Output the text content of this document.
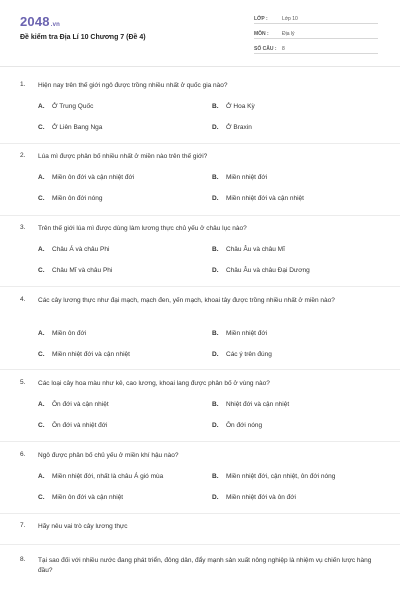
2048.vn
Đề kiểm tra Địa Lí 10 Chương 7 (Đề 4)
LỚP :	Lớp 10
MÔN :	Địa lý
SỐ CÂU : 8
1. Hiện nay trên thế giới ngô được trồng nhiều nhất ở quốc gia nào?
A. Ở Trung Quốc	B. Ở Hoa Kỳ
C. Ở Liên Bang Nga	D. Ở Braxin
2. Lúa mì được phân bố nhiều nhất ở miền nào trên thế giới?
A. Miền ôn đới và cận nhiệt đới	B. Miền nhiệt đới
C. Miền ôn đới nóng	D. Miền nhiệt đới và cận nhiệt
3. Trên thế giới lúa mì được dùng làm lương thực chủ yếu ở châu lục nào?
A. Châu Á và châu Phi	B. Châu Âu và châu Mĩ
C. Châu Mĩ và châu Phi	D. Châu Âu và châu Đại Dương
4. Các cây lương thực như đại mạch, mạch đen, yến mạch, khoai tây được trồng nhiều nhất ở miền nào?
A. Miền ôn đới	B. Miền nhiệt đới
C. Miền nhiệt đới và cận nhiệt	D. Các ý trên đúng
5. Các loại cây hoa màu như kê, cao lương, khoai lang được phân bố ở vùng nào?
A. Ôn đới và cận nhiệt	B. Nhiệt đới và cận nhiệt
C. Ôn đới và nhiệt đới	D. Ôn đới nóng
6. Ngô được phân bố chủ yếu ở miền khí hậu nào?
A. Miền nhiệt đới, nhất là châu Á gió mùa	B. Miền nhiệt đới, cận nhiệt, ôn đới nóng
C. Miền ôn đới và cận nhiệt	D. Miền nhiệt đới và ôn đới
7. Hãy nêu vai trò cây lương thực
8. Tại sao đối với nhiều nước đang phát triển, đông dân, đẩy mạnh sản xuất nông nghiệp là nhiệm vụ chiến lược hàng đầu?
